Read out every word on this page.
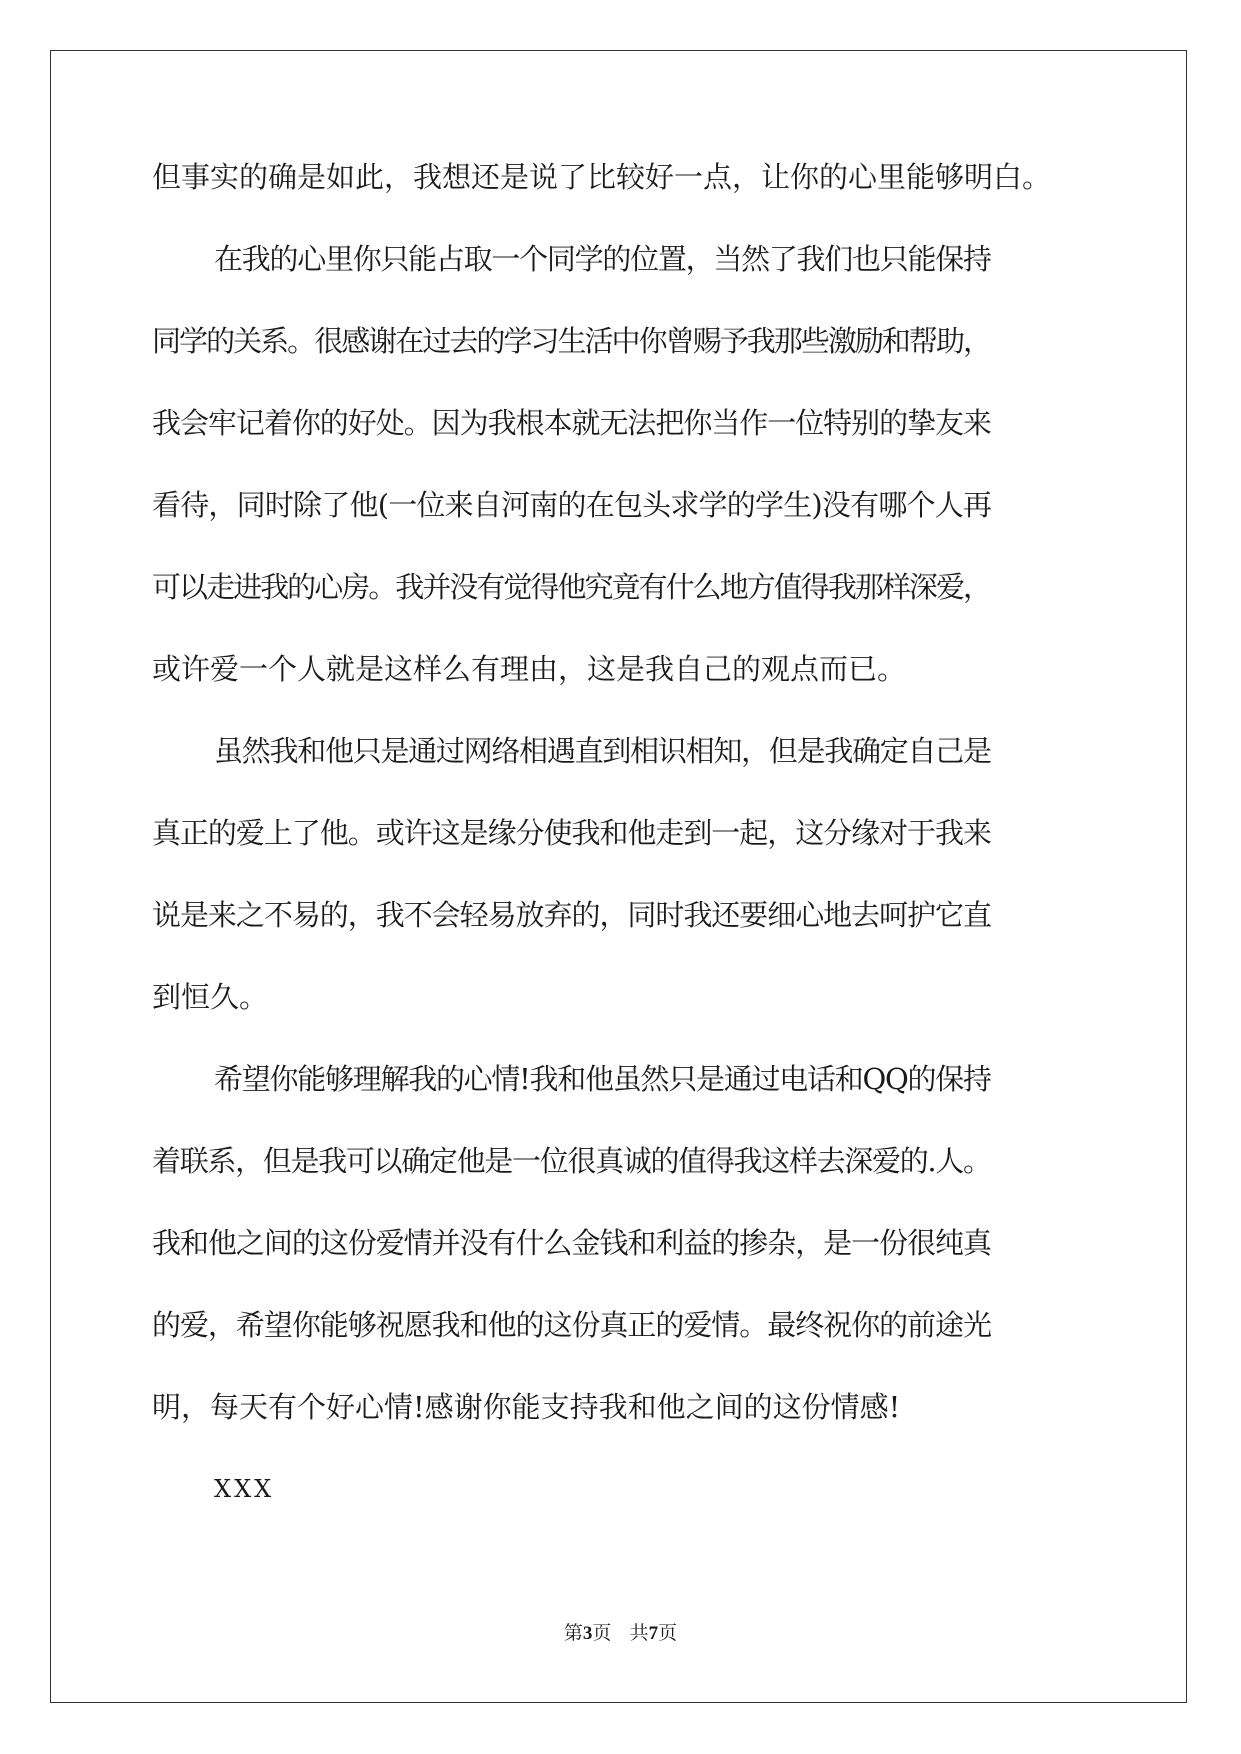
但事实的确是如此，我想还是说了比较好一点，让你的心里能够明白。
在我的心里你只能占取一个同学的位置，当然了我们也只能保持
同学的关系。很感谢在过去的学习生活中你曾赐予我那些激励和帮助，
我会牢记着你的好处。因为我根本就无法把你当作一位特别的挚友来
看待，同时除了他(一位来自河南的在包头求学的学生)没有哪个人再
可以走进我的心房。我并没有觉得他究竟有什么地方值得我那样深爱，
或许爱一个人就是这样么有理由，这是我自己的观点而已。
虽然我和他只是通过网络相遇直到相识相知，但是我确定自己是
真正的爱上了他。或许这是缘分使我和他走到一起，这分缘对于我来
说是来之不易的，我不会轻易放弃的，同时我还要细心地去呵护它直
到恒久。
希望你能够理解我的心情!我和他虽然只是通过电话和QQ的保持
着联系，但是我可以确定他是一位很真诚的值得我这样去深爱的.人。
我和他之间的这份爱情并没有什么金钱和利益的掺杂，是一份很纯真
的爱，希望你能够祝愿我和他的这份真正的爱情。最终祝你的前途光
明，每天有个好心情!感谢你能支持我和他之间的这份情感!
XXX
第3页 共7页
